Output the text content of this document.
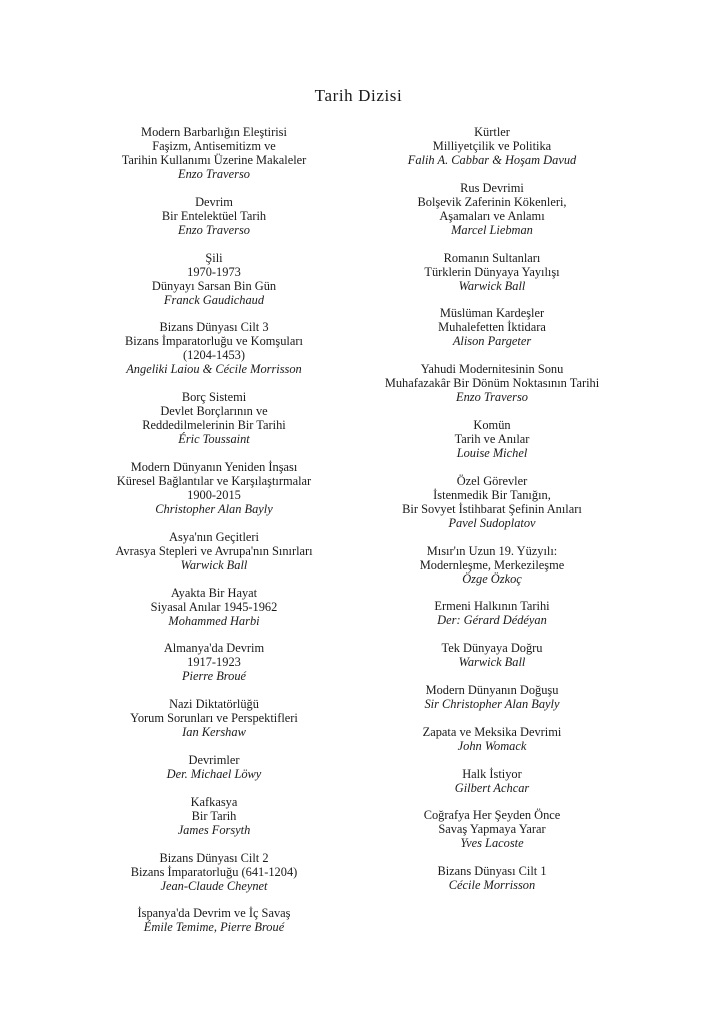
Tarih Dizisi
Modern Barbarlığın Eleştirisi
Faşizm, Antisemitizm ve
Tarihin Kullanımı Üzerine Makaleler
Enzo Traverso
Devrim
Bir Entelektüel Tarih
Enzo Traverso
Şili
1970-1973
Dünyayı Sarsan Bin Gün
Franck Gaudichaud
Bizans Dünyası Cilt 3
Bizans İmparatorluğu ve Komşuları
(1204-1453)
Angeliki Laiou & Cécile Morrisson
Borç Sistemi
Devlet Borçlarının ve
Reddedilmelerinin Bir Tarihi
Éric Toussaint
Modern Dünyanın Yeniden İnşası
Küresel Bağlantılar ve Karşılaştırmalar
1900-2015
Christopher Alan Bayly
Asya'nın Geçitleri
Avrasya Stepleri ve Avrupa'nın Sınırları
Warwick Ball
Ayakta Bir Hayat
Siyasal Anılar 1945-1962
Mohammed Harbi
Almanya'da Devrim
1917-1923
Pierre Broué
Nazi Diktatörlüğü
Yorum Sorunları ve Perspektifleri
Ian Kershaw
Devrimler
Der. Michael Löwy
Kafkasya
Bir Tarih
James Forsyth
Bizans Dünyası Cilt 2
Bizans İmparatorluğu (641-1204)
Jean-Claude Cheynet
İspanya'da Devrim ve İç Savaş
Émile Temime, Pierre Broué
Kürtler
Milliyetçilik ve Politika
Falih A. Cabbar & Hoşam Davud
Rus Devrimi
Bolşevik Zaferinin Kökenleri,
Aşamaları ve Anlamı
Marcel Liebman
Romanın Sultanları
Türklerin Dünyaya Yayılışı
Warwick Ball
Müslüman Kardeşler
Muhalefetten İktidara
Alison Pargeter
Yahudi Modernitesinin Sonu
Muhafazakâr Bir Dönüm Noktasının Tarihi
Enzo Traverso
Komün
Tarih ve Anılar
Louise Michel
Özel Görevler
İstenmedik Bir Tanığın,
Bir Sovyet İstihbarat Şefinin Anıları
Pavel Sudoplatov
Mısır'ın Uzun 19. Yüzyılı:
Modernleşme, Merkezileşme
Özge Özkoç
Ermeni Halkının Tarihi
Der: Gérard Dédéyan
Tek Dünyaya Doğru
Warwick Ball
Modern Dünyanın Doğuşu
Sir Christopher Alan Bayly
Zapata ve Meksika Devrimi
John Womack
Halk İstiyor
Gilbert Achcar
Coğrafya Her Şeyden Önce
Savaş Yapmaya Yarar
Yves Lacoste
Bizans Dünyası Cilt 1
Cécile Morrisson
